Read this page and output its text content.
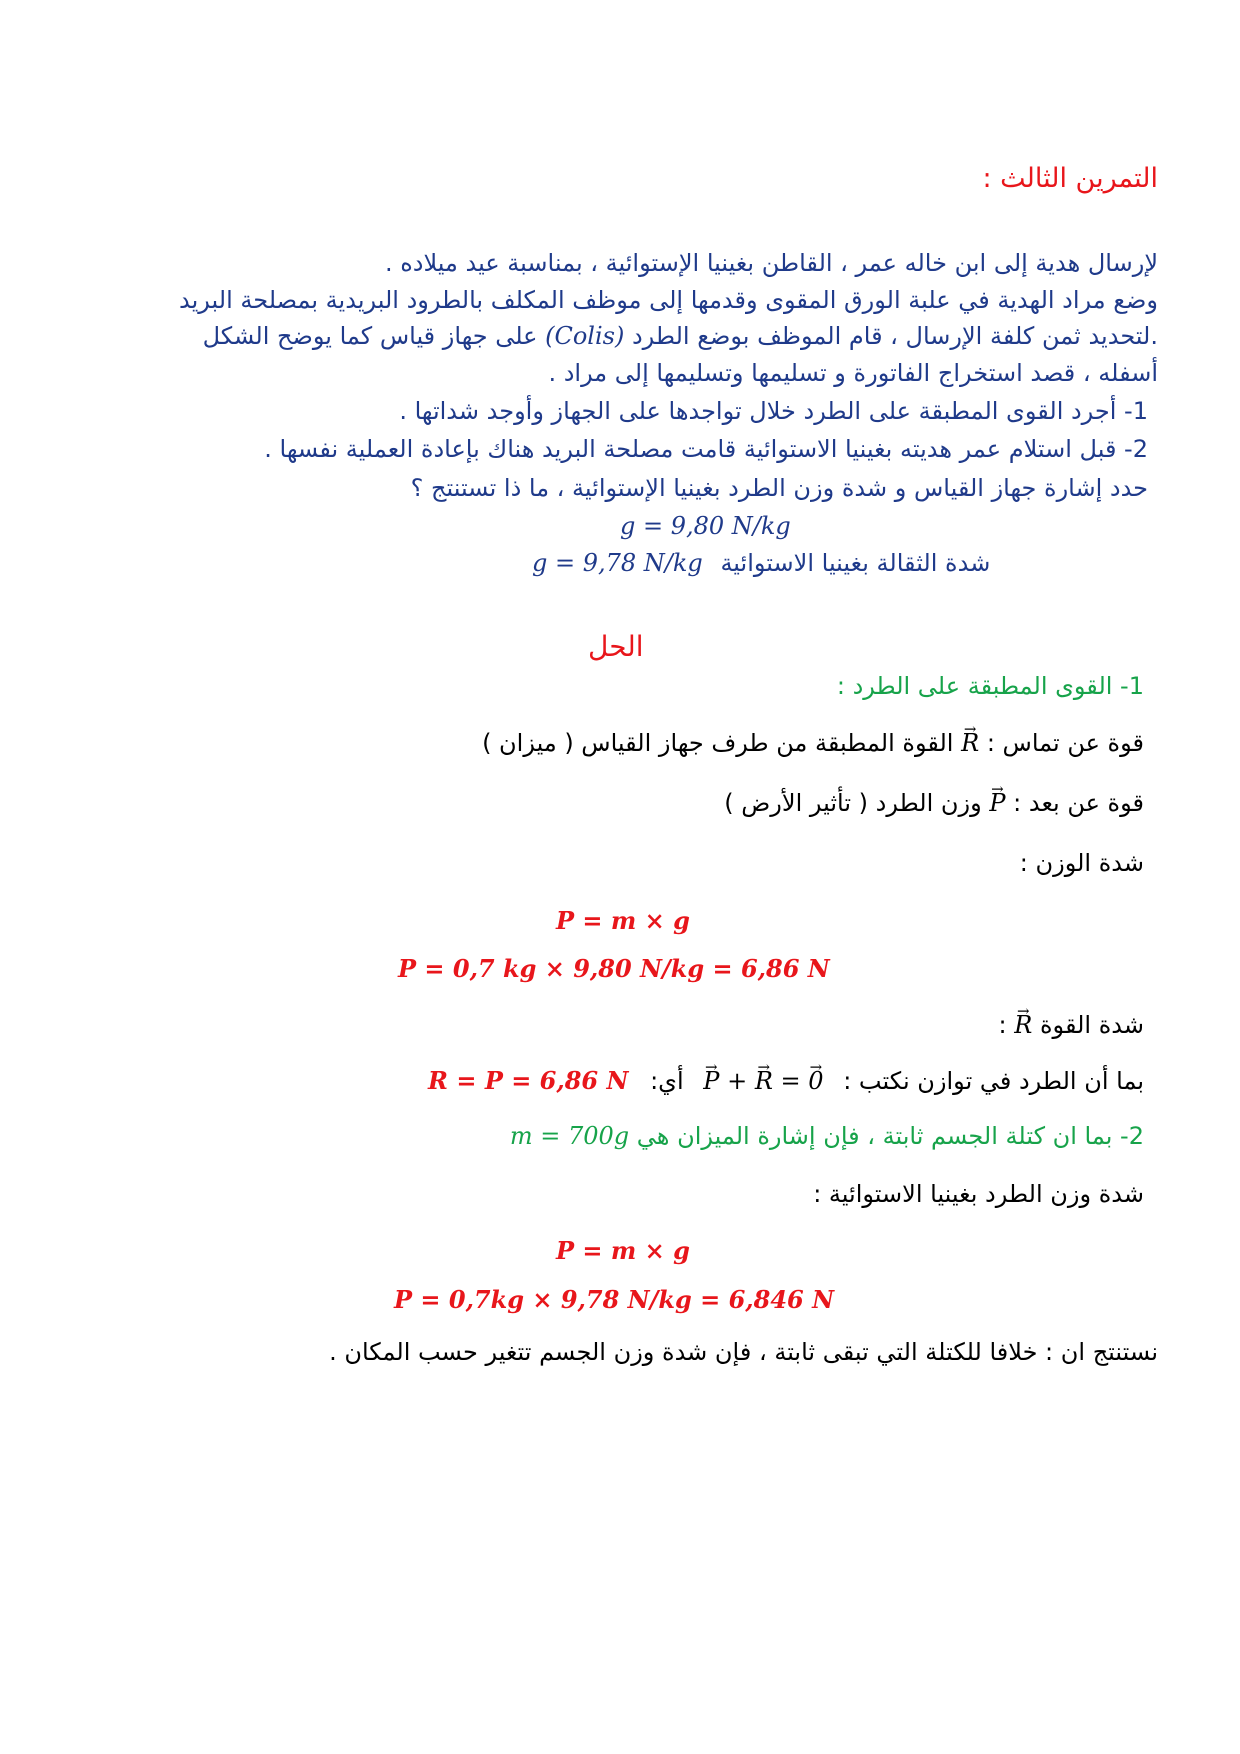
التمرين الثالث :
لإرسال هدية إلى ابن خاله عمر ، القاطن بغينيا الإستوائية ، بمناسبة عيد ميلاده .
وضع مراد الهدية في علبة الورق المقوى وقدمها إلى موظف المكلف بالطرود البريدية بمصلحة البريد
.لتحديد ثمن كلفة الإرسال ، قام الموظف بوضع الطرد (Colis) على جهاز قياس كما يوضح الشكل
أسفله ، قصد استخراج الفاتورة و تسليمها وتسليمها إلى مراد .
1- أجرد القوى المطبقة على الطرد خلال تواجدها على الجهاز وأوجد شداتها .
2- قبل استلام عمر هديته بغينيا الاستوائية قامت مصلحة البريد هناك بإعادة العملية نفسها .
حدد إشارة جهاز القياس و شدة وزن الطرد بغينيا الإستوائية ، ما ذا تستنتج ؟
g = 9,80 N/kg
شدة الثقالة بغينيا الاستوائية g = 9,78 N/kg
الحل
1- القوى المطبقة على الطرد :
قوة عن تماس : → R القوة المطبقة من طرف جهاز القياس ( ميزان )
قوة عن بعد : → P وزن الطرد ( تأثير الأرض )
شدة الوزن :
P = m × g
P = 0,7 kg × 9,80 N/kg = 6,86 N
شدة القوة → R :
بما أن الطرد في توازن نكتب : → P + → R = → 0 أي: R = P = 6,86 N
2- بما ان كتلة الجسم ثابتة ، فإن إشارة الميزان هي m = 700g
شدة وزن الطرد بغينيا الاستوائية :
P = m × g
P = 0,7kg × 9,78 N/kg = 6,846 N
نستنتج ان : خلافا للكتلة التي تبقى ثابتة ، فإن شدة وزن الجسم تتغير حسب المكان .
